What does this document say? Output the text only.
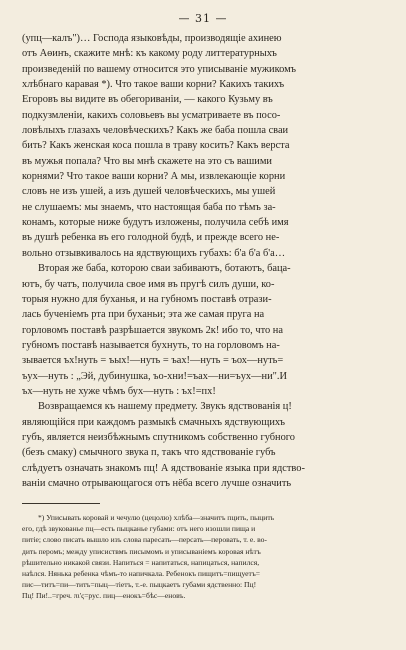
— 31 —
(упц—калъ")… Господа языковѣды, производящіе ахинею
отъ Аѳинъ, скажите мнѣ: къ какому роду литтературныхъ
произведеній по вашему относится это уписыванiе мужикомъ
хлѣбнаго каравая *). Что такое ваши корни? Какихъ такихъ
Егоровъ вы видите въ обегориванiи, — какого Кузьму въ
подкузмленіи, какихъ соловьевъ вы усматриваете въ посо-
ловѣлыхъ глазахъ человѣческихъ? Какъ же баба пошла сваи
бить? Какъ женская коса пошла в траву косить? Какъ верста
въ мужья попала? Что вы мнѣ скажете на это съ вашими
корнями? Что такое ваши корни? А мы, извлекающіе корни
словъ не изъ ушей, а изъ душей человѣческихъ, мы ушей
не слушаемъ: мы знаемъ, что настоящая баба по тѣмъ за-
конамъ, которые ниже будутъ изложены, получила себѣ имя
въ душѣ ребенка въ его голодной будѣ, и прежде всего не-
вольно отзывкивалось на ядствующихъ губахъ: б'а б'а б'а…
Вторая же баба, которою сваи забиваютъ, ботаютъ, баца-
ютъ, бу чатъ, получила свое имя въ пругѣ силъ души, ко-
торыя нужно для буханья, и на губномъ поставѣ отрази-
лась бученіемъ рта при буханьи; эта же самая пруга на
горловомъ поставѣ разрѣшается звукомъ 2к! ибо то, что на
губномъ поставѣ называется бухнуть, то на горловомъ на-
зывается ъх!нуть = ъых!—нуть = ъах!—нуть = ъох—нуть=
ъух—нуть : „Эй, дубинушка, ъо-хни!=ъах—ни=ъух—ни".И
ъх—нуть не хуже чѣмъ бух—нуть : ъх!=пх!
Возвращаемся къ нашему предмету. Звукъ ядствованія ц!
являющійся при каждомъ размыкѣ смачныхъ ядствующихъ
губъ, является неизбѣжнымъ спутникомъ собственно губного
(безъ смаку) смычного звука п, такъ что ядствованіе губъ
слѣдуетъ означать знакомъ пц! А ядствованіе языка при ядство-
ваніи смачно отрывающагося отъ нёба всего лучше означить
*) Уписывать коровай и чечулю (цецолю) хлѣба—значитъ пцить, пыцить
его, гдѣ звукованье пц—есть пыцканье губами: отъ него изошли пища и
питіе; слово писать вышло изъ слова паресать—персать—перовать, т. е. во-
дить перомъ; между уписиствмъ писымомъ и уписываніемъ коровая нѣтъ
рѣшительно никакой связи. Напиться = напитаться, напицаться, напился,
наѣлся. Нянька ребенка чѣмъ-то напичкала. Ребенокъ пищитъ=пищуетъ=
пис—титъ=пи—титъ=пыц—тіетъ, т.-е. пыцкаетъ губами ядственно: Пц!
Пц! Пи!..=греч. πι'ς=рус. пиц—енокъ=бѣс—еновъ.
